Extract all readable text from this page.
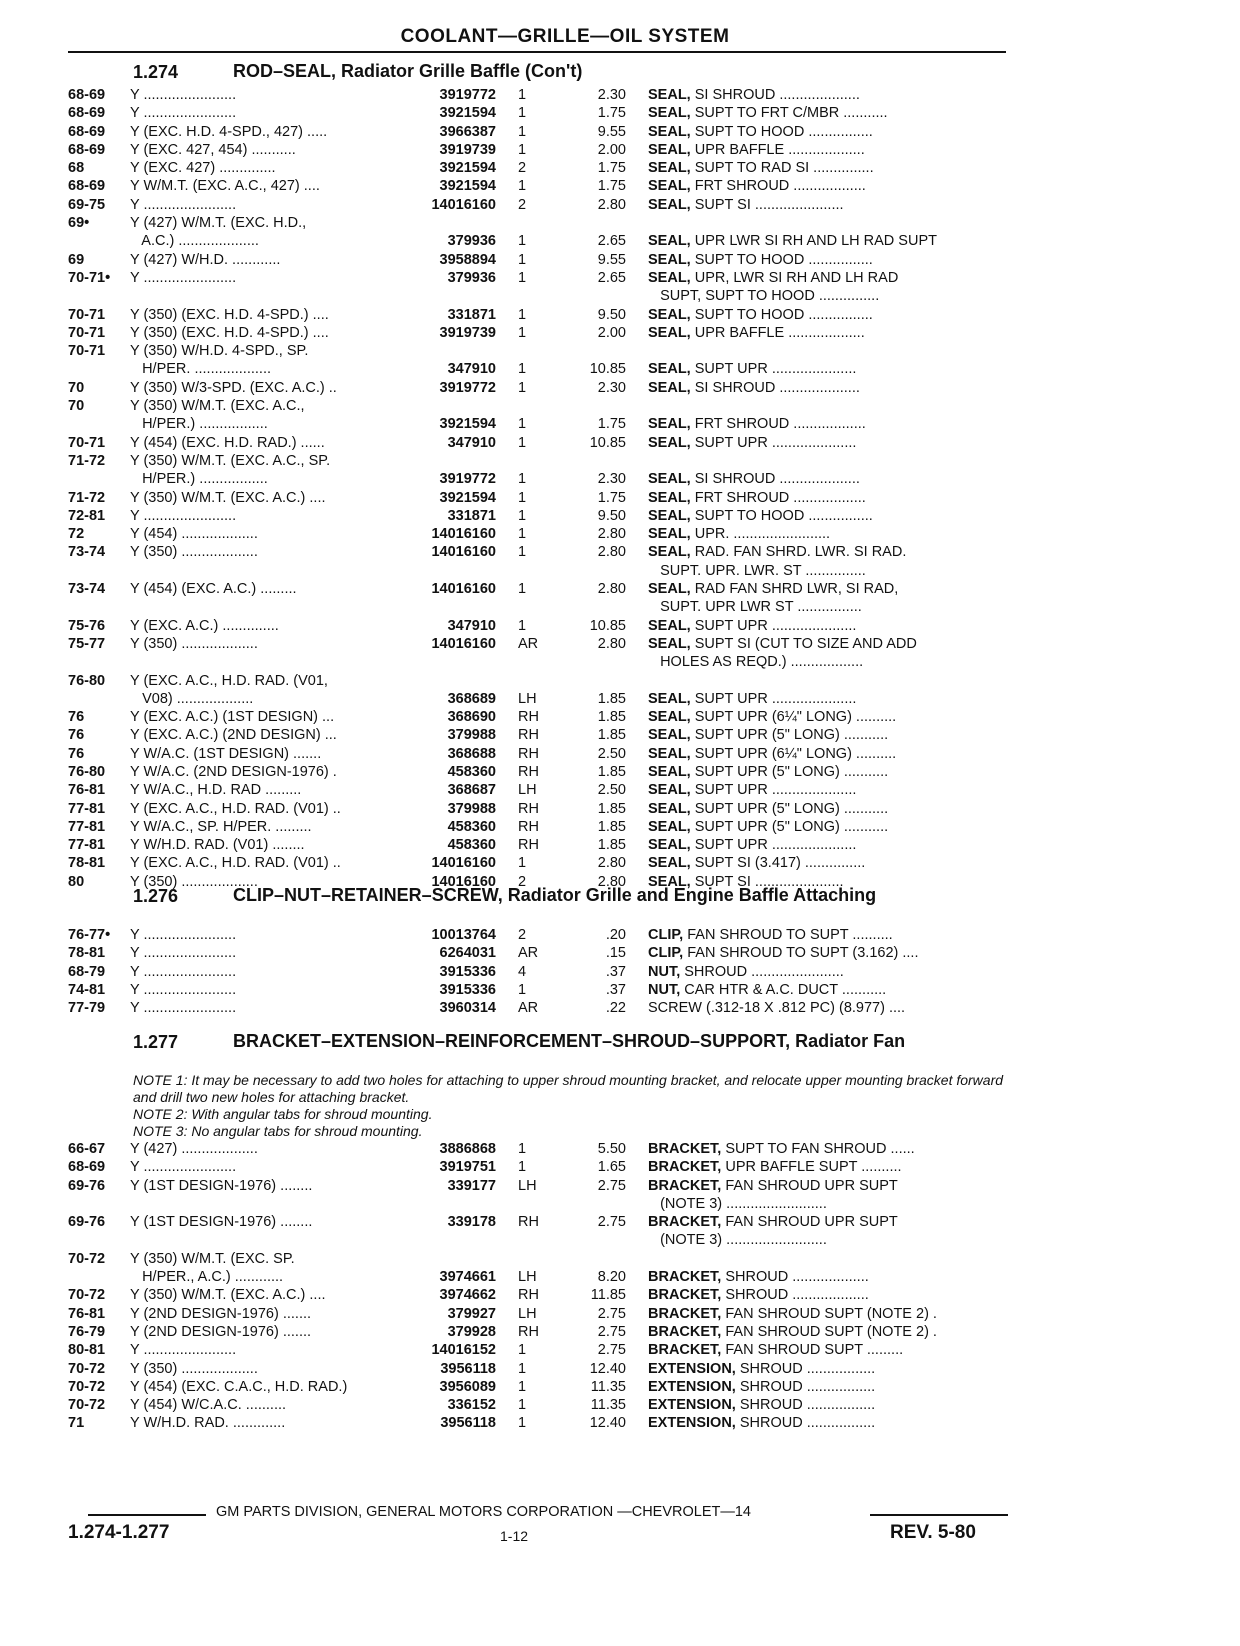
COOLANT—GRILLE—OIL SYSTEM
1.274	ROD–SEAL, Radiator Grille Baffle (Con't)
68-69 Y .......................	3919772 1	2.30 SEAL, SI SHROUD ....................
68-69 Y .......................	3921594 1	1.75 SEAL, SUPT TO FRT C/MBR ...........
68-69 Y (EXC. H.D. 4-SPD., 427) .....	3966387 1	9.55 SEAL, SUPT TO HOOD ................
68-69 Y (EXC. 427, 454) ...........	3919739 1	2.00 SEAL, UPR BAFFLE ...................
68	Y (EXC. 427) ..............	3921594 2	1.75 SEAL, SUPT TO RAD SI ...............
68-69 Y W/M.T. (EXC. A.C., 427) ....	3921594 1	1.75 SEAL, FRT SHROUD ..................
69-75 Y .......................	14016160 2	2.80 SEAL, SUPT SI ......................
69•	Y (427) W/M.T. (EXC. H.D.,
A.C.) ....................	379936 1	2.65 SEAL, UPR LWR SI RH AND LH RAD SUPT
69	Y (427) W/H.D. ............	3958894 1	9.55 SEAL, SUPT TO HOOD ................
70-71• Y .......................	379936 1	2.65 SEAL, UPR, LWR SI RH AND LH RAD
SUPT, SUPT TO HOOD ...............
70-71 Y (350) (EXC. H.D. 4-SPD.) ....	331871 1	9.50 SEAL, SUPT TO HOOD ................
70-71 Y (350) (EXC. H.D. 4-SPD.) ....	3919739 1	2.00 SEAL, UPR BAFFLE ...................
70-71 Y (350) W/H.D. 4-SPD., SP.
H/PER. ...................	347910 1	10.85 SEAL, SUPT UPR .....................
70	Y (350) W/3-SPD. (EXC. A.C.) ..	3919772 1	2.30 SEAL, SI SHROUD ....................
70	Y (350) W/M.T. (EXC. A.C.,
H/PER.) .................	3921594 1	1.75 SEAL, FRT SHROUD ..................
70-71 Y (454) (EXC. H.D. RAD.) ......	347910 1	10.85 SEAL, SUPT UPR .....................
71-72 Y (350) W/M.T. (EXC. A.C., SP.
H/PER.) .................	3919772 1	2.30 SEAL, SI SHROUD ....................
71-72 Y (350) W/M.T. (EXC. A.C.) ....	3921594 1	1.75 SEAL, FRT SHROUD ..................
72-81 Y .......................	331871 1	9.50 SEAL, SUPT TO HOOD ................
72	Y (454) ...................	14016160 1	2.80 SEAL, UPR. ........................
73-74 Y (350) ...................	14016160 1	2.80 SEAL, RAD. FAN SHRD. LWR. SI RAD.
SUPT. UPR. LWR. ST ...............
73-74 Y (454) (EXC. A.C.) .........	14016160 1	2.80 SEAL, RAD FAN SHRD LWR, SI RAD,
SUPT. UPR LWR ST ................
75-76 Y (EXC. A.C.) ..............	347910 1	10.85 SEAL, SUPT UPR .....................
75-77 Y (350) ...................	14016160 AR	2.80 SEAL, SUPT SI (CUT TO SIZE AND ADD
HOLES AS REQD.) ..................
76-80 Y (EXC. A.C., H.D. RAD. (V01,
V08) ...................	368689 LH	1.85 SEAL, SUPT UPR .....................
76	Y (EXC. A.C.) (1ST DESIGN) ...	368690 RH	1.85 SEAL, SUPT UPR (6¼" LONG) ..........
76	Y (EXC. A.C.) (2ND DESIGN) ...	379988 RH	1.85 SEAL, SUPT UPR (5" LONG) ...........
76	Y W/A.C. (1ST DESIGN) .......	368688 RH	2.50 SEAL, SUPT UPR (6¼" LONG) ..........
76-80 Y W/A.C. (2ND DESIGN-1976) .	458360 RH	1.85 SEAL, SUPT UPR (5" LONG) ...........
76-81 Y W/A.C., H.D. RAD .........	368687 LH	2.50 SEAL, SUPT UPR .....................
77-81 Y (EXC. A.C., H.D. RAD. (V01) ..	379988 RH	1.85 SEAL, SUPT UPR (5" LONG) ...........
77-81 Y W/A.C., SP. H/PER. .........	458360 RH	1.85 SEAL, SUPT UPR (5" LONG) ...........
77-81 Y W/H.D. RAD. (V01) ........	458360 RH	1.85 SEAL, SUPT UPR .....................
78-81 Y (EXC. A.C., H.D. RAD. (V01) ..	14016160 1	2.80 SEAL, SUPT SI (3.417) ...............
80	Y (350) ...................	14016160 2	2.80 SEAL, SUPT SI ......................
1.276	CLIP–NUT–RETAINER–SCREW, Radiator Grille and Engine Baffle Attaching
76-77• Y .......................	10013764 2	.20 CLIP, FAN SHROUD TO SUPT ..........
78-81 Y .......................	6264031 AR	.15 CLIP, FAN SHROUD TO SUPT (3.162) ....
68-79 Y .......................	3915336 4	.37 NUT, SHROUD .......................
74-81 Y .......................	3915336 1	.37 NUT, CAR HTR & A.C. DUCT ...........
77-79 Y .......................	3960314 AR	.22 SCREW (.312-18 X .812 PC) (8.977) ....
1.277	BRACKET–EXTENSION–REINFORCEMENT–SHROUD–SUPPORT, Radiator Fan
NOTE 1: It may be necessary to add two holes for attaching to upper shroud mounting bracket, and relocate upper mounting bracket forward and drill two new holes for attaching bracket.
NOTE 2: With angular tabs for shroud mounting.
NOTE 3: No angular tabs for shroud mounting.
66-67 Y (427) ...................	3886868 1	5.50 BRACKET, SUPT TO FAN SHROUD ......
68-69 Y .......................	3919751 1	1.65 BRACKET, UPR BAFFLE SUPT ..........
69-76 Y (1ST DESIGN-1976) ........	339177 LH	2.75 BRACKET, FAN SHROUD UPR SUPT
(NOTE 3) .........................
69-76 Y (1ST DESIGN-1976) ........	339178 RH	2.75 BRACKET, FAN SHROUD UPR SUPT
(NOTE 3) .........................
70-72 Y (350) W/M.T. (EXC. SP.
H/PER., A.C.) ............	3974661 LH	8.20 BRACKET, SHROUD ...................
70-72 Y (350) W/M.T. (EXC. A.C.) ....	3974662 RH	11.85 BRACKET, SHROUD ...................
76-81 Y (2ND DESIGN-1976) .......	379927 LH	2.75 BRACKET, FAN SHROUD SUPT (NOTE 2) .
76-79 Y (2ND DESIGN-1976) .......	379928 RH	2.75 BRACKET, FAN SHROUD SUPT (NOTE 2) .
80-81 Y .......................	14016152 1	2.75 BRACKET, FAN SHROUD SUPT .........
70-72 Y (350) ...................	3956118 1	12.40 EXTENSION, SHROUD .................
70-72 Y (454) (EXC. C.A.C., H.D. RAD.)	3956089 1	11.35 EXTENSION, SHROUD .................
70-72 Y (454) W/C.A.C. ..........	336152 1	11.35 EXTENSION, SHROUD .................
71	Y W/H.D. RAD. .............	3956118 1	12.40 EXTENSION, SHROUD .................
GM PARTS DIVISION, GENERAL MOTORS CORPORATION —CHEVROLET—14
1.274-1.277	1-12	REV. 5-80
